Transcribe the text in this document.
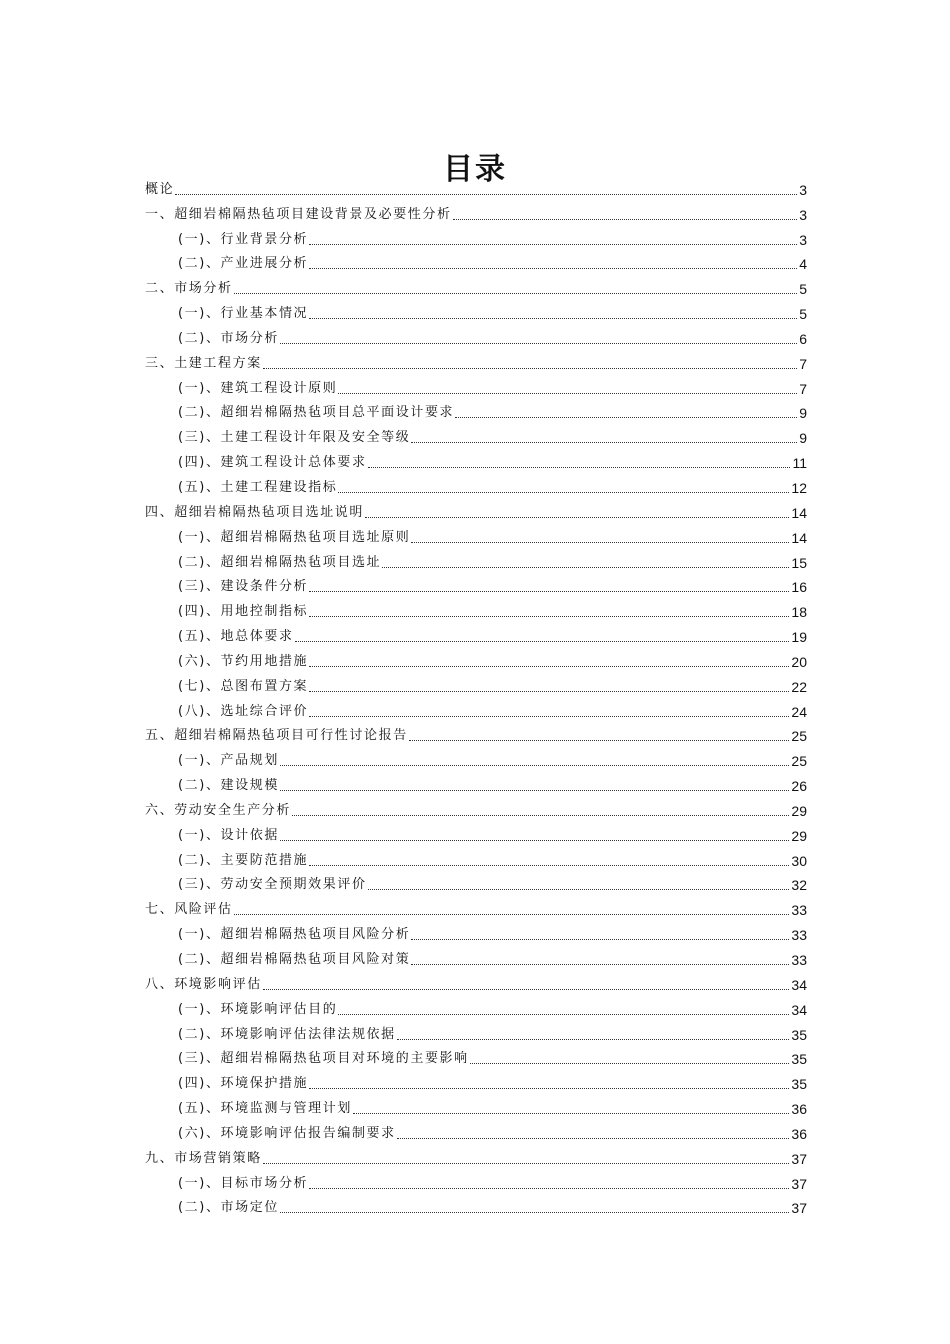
目录
概论	3
一、超细岩棉隔热毡项目建设背景及必要性分析	3
(一)、行业背景分析	3
(二)、产业进展分析	4
二、市场分析	5
(一)、行业基本情况	5
(二)、市场分析	6
三、土建工程方案	7
(一)、建筑工程设计原则	7
(二)、超细岩棉隔热毡项目总平面设计要求	9
(三)、土建工程设计年限及安全等级	9
(四)、建筑工程设计总体要求	11
(五)、土建工程建设指标	12
四、超细岩棉隔热毡项目选址说明	14
(一)、超细岩棉隔热毡项目选址原则	14
(二)、超细岩棉隔热毡项目选址	15
(三)、建设条件分析	16
(四)、用地控制指标	18
(五)、地总体要求	19
(六)、节约用地措施	20
(七)、总图布置方案	22
(八)、选址综合评价	24
五、超细岩棉隔热毡项目可行性讨论报告	25
(一)、产品规划	25
(二)、建设规模	26
六、劳动安全生产分析	29
(一)、设计依据	29
(二)、主要防范措施	30
(三)、劳动安全预期效果评价	32
七、风险评估	33
(一)、超细岩棉隔热毡项目风险分析	33
(二)、超细岩棉隔热毡项目风险对策	33
八、环境影响评估	34
(一)、环境影响评估目的	34
(二)、环境影响评估法律法规依据	35
(三)、超细岩棉隔热毡项目对环境的主要影响	35
(四)、环境保护措施	35
(五)、环境监测与管理计划	36
(六)、环境影响评估报告编制要求	36
九、市场营销策略	37
(一)、目标市场分析	37
(二)、市场定位	37
